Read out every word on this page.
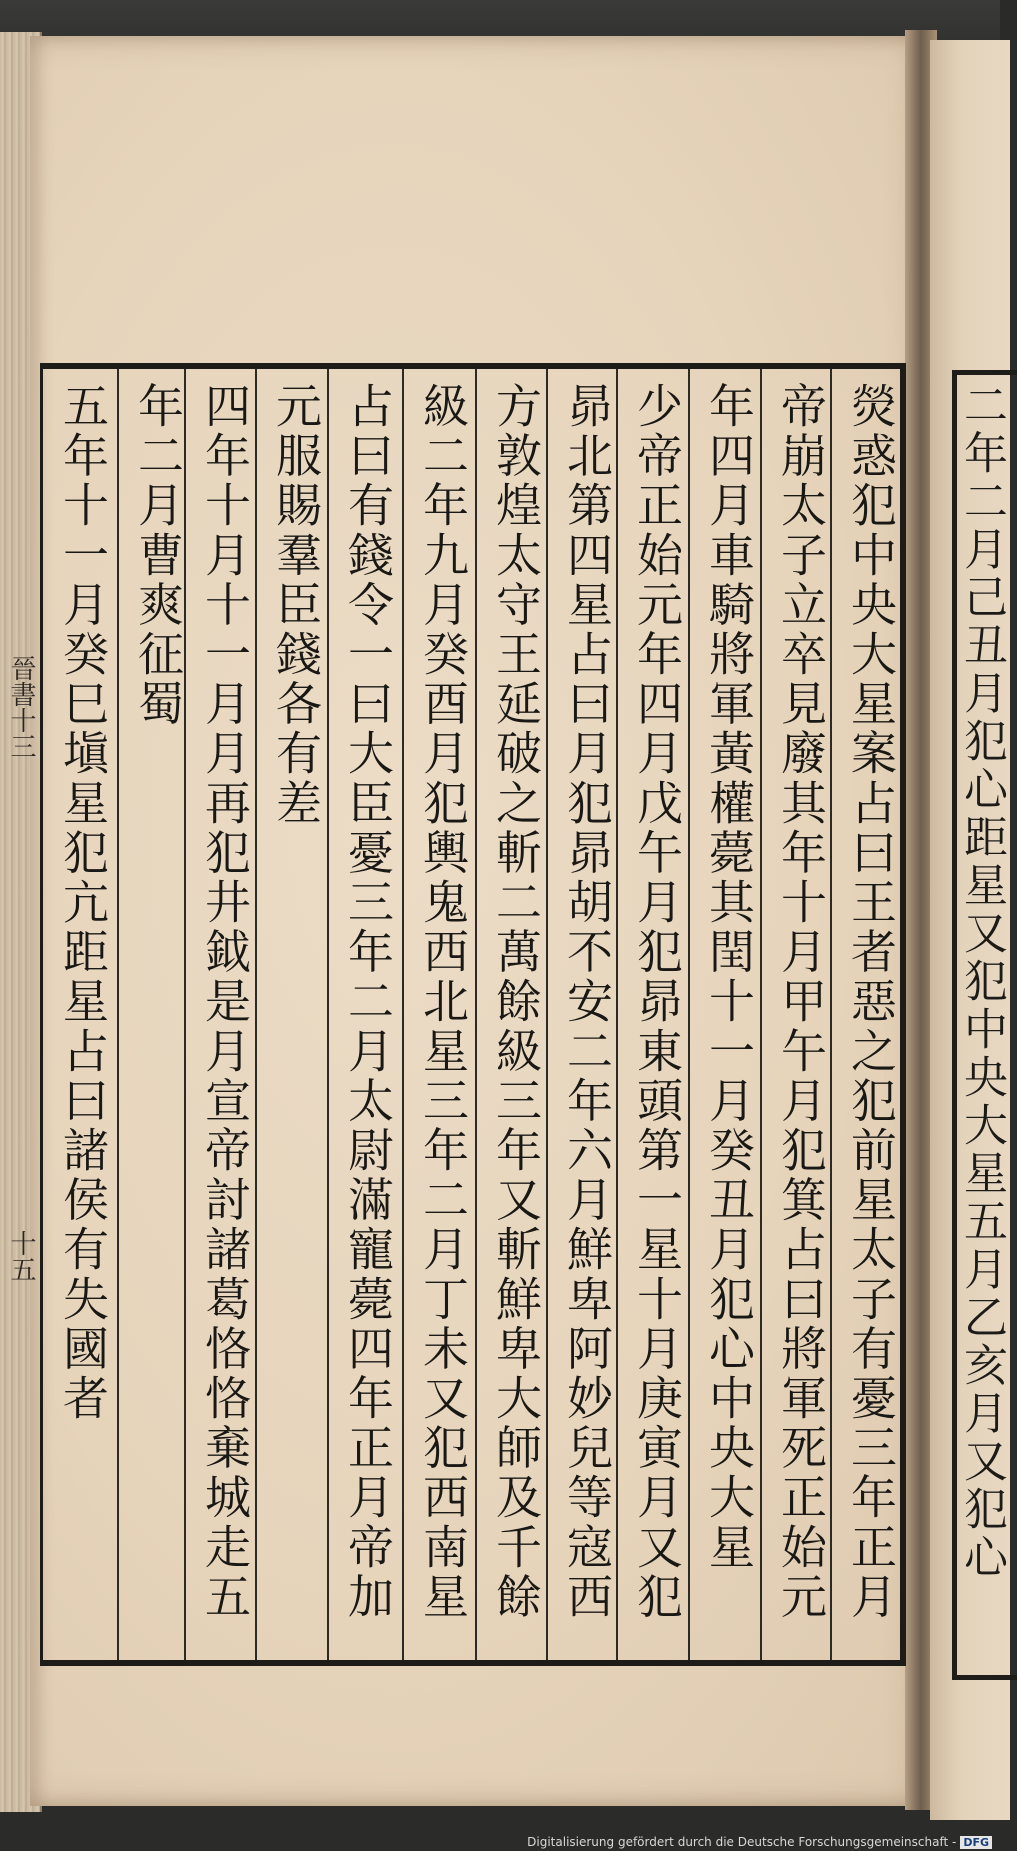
二年二月己丑月犯心距星又犯中央大星五月乙亥月又犯心
熒惑犯中央大星案占曰王者惡之犯前星太子有憂三年正月
帝崩太子立卒見廢其年十月甲午月犯箕占曰將軍死正始元
年四月車騎將軍黃權薨其閏十一月癸丑月犯心中央大星
少帝正始元年四月戊午月犯昴東頭第一星十月庚寅月又犯
昴北第四星占曰月犯昴胡不安二年六月鮮卑阿妙兒等寇西
方敦煌太守王延破之斬二萬餘級三年又斬鮮卑大師及千餘
級二年九月癸酉月犯輿鬼西北星三年二月丁未又犯西南星
占曰有錢令一曰大臣憂三年二月太尉滿寵薨四年正月帝加
元服賜羣臣錢各有差
四年十月十一月月再犯井鉞是月宣帝討諸葛恪恪棄城走五
年二月曹爽征蜀
五年十一月癸巳塡星犯亢距星占曰諸侯有失國者
晉書十三
十五
Digitalisierung gefördert durch die Deutsche Forschungsgemeinschaft - DFG
